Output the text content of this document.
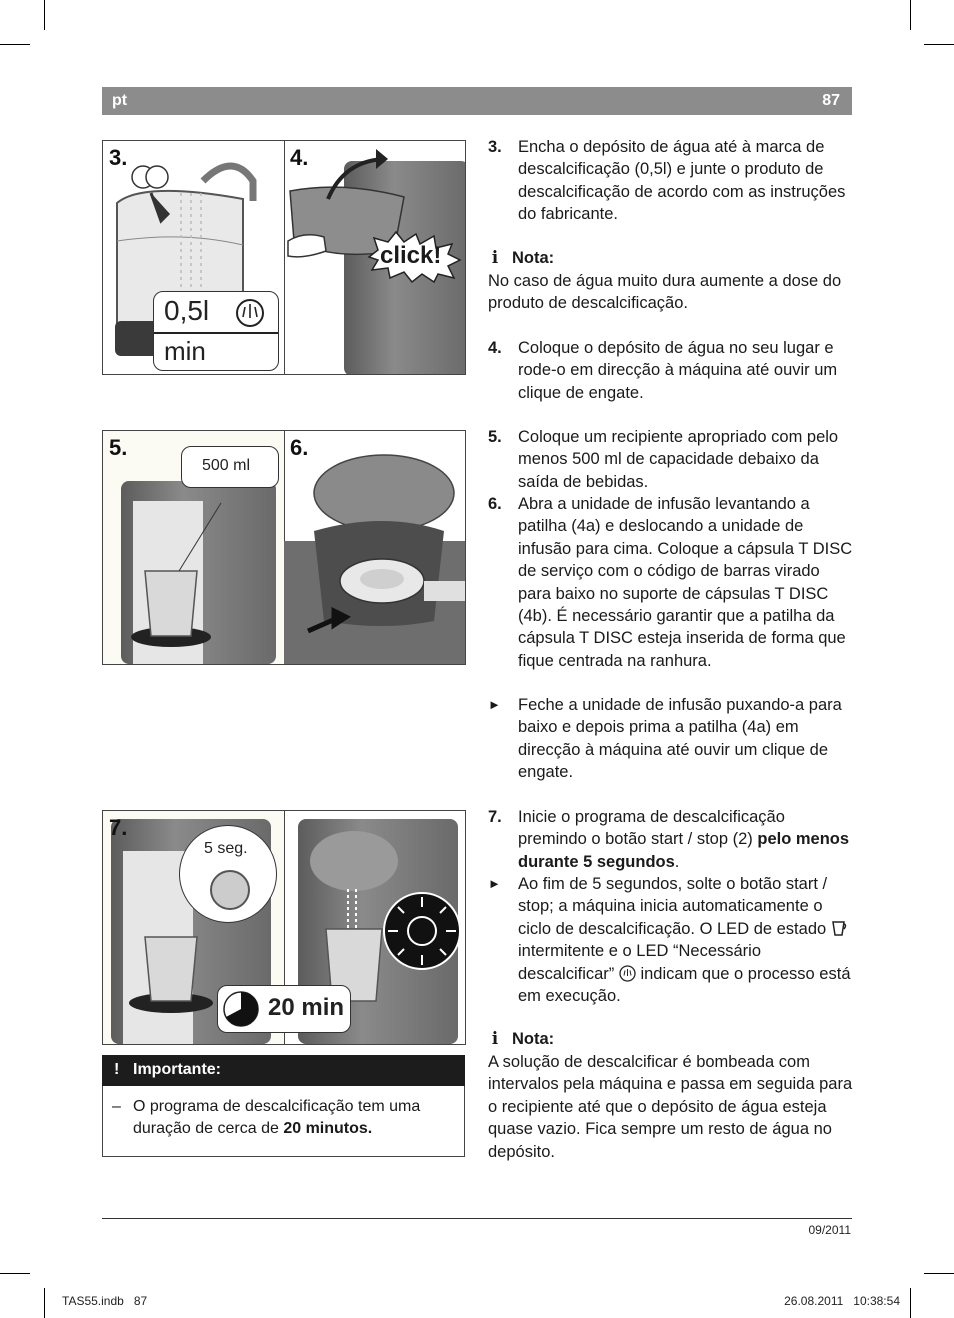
pt	87
3.
0,5l
min
4.
click!
5.
500 ml
6.
7.
5 seg.
20 min
! Importante:
– O programa de descalcificação tem uma duração de cerca de 20 minutos.
3. Encha o depósito de água até à marca de descalcificação (0,5l) e junte o produto de descalcificação de acordo com as instruções do fabricante.
i Nota:
No caso de água muito dura aumente a dose do produto de descalcificação.
4. Coloque o depósito de água no seu lugar e rode-o em direcção à máquina até ouvir um clique de engate.
5. Coloque um recipiente apropriado com pelo menos 500 ml de capacidade debaixo da saída de bebidas.
6. Abra a unidade de infusão levantando a patilha (4a) e deslocando a unidade de infusão para cima. Coloque a cápsula T DISC de serviço com o código de barras virado para baixo no suporte de cápsulas T DISC (4b). É necessário garantir que a patilha da cápsula T DISC esteja inserida de forma que fique centrada na ranhura.
► Feche a unidade de infusão puxando-a para baixo e depois prima a patilha (4a) em direcção à máquina até ouvir um clique de engate.
7. Inicie o programa de descalcificação premindo o botão start / stop (2) pelo menos durante 5 segundos.
► Ao fim de 5 segundos, solte o botão start / stop; a máquina inicia automaticamente o ciclo de descalcificação. O LED de estado  intermitente e o LED “Necessário descalcificar”  indicam que o processo está em execução.
i Nota:
A solução de descalcificar é bombeada com intervalos pela máquina e passa em seguida para o recipiente até que o depósito de água esteja quase vazio. Fica sempre um resto de água no depósito.
09/2011
TAS55.indb   87	26.08.2011   10:38:54
